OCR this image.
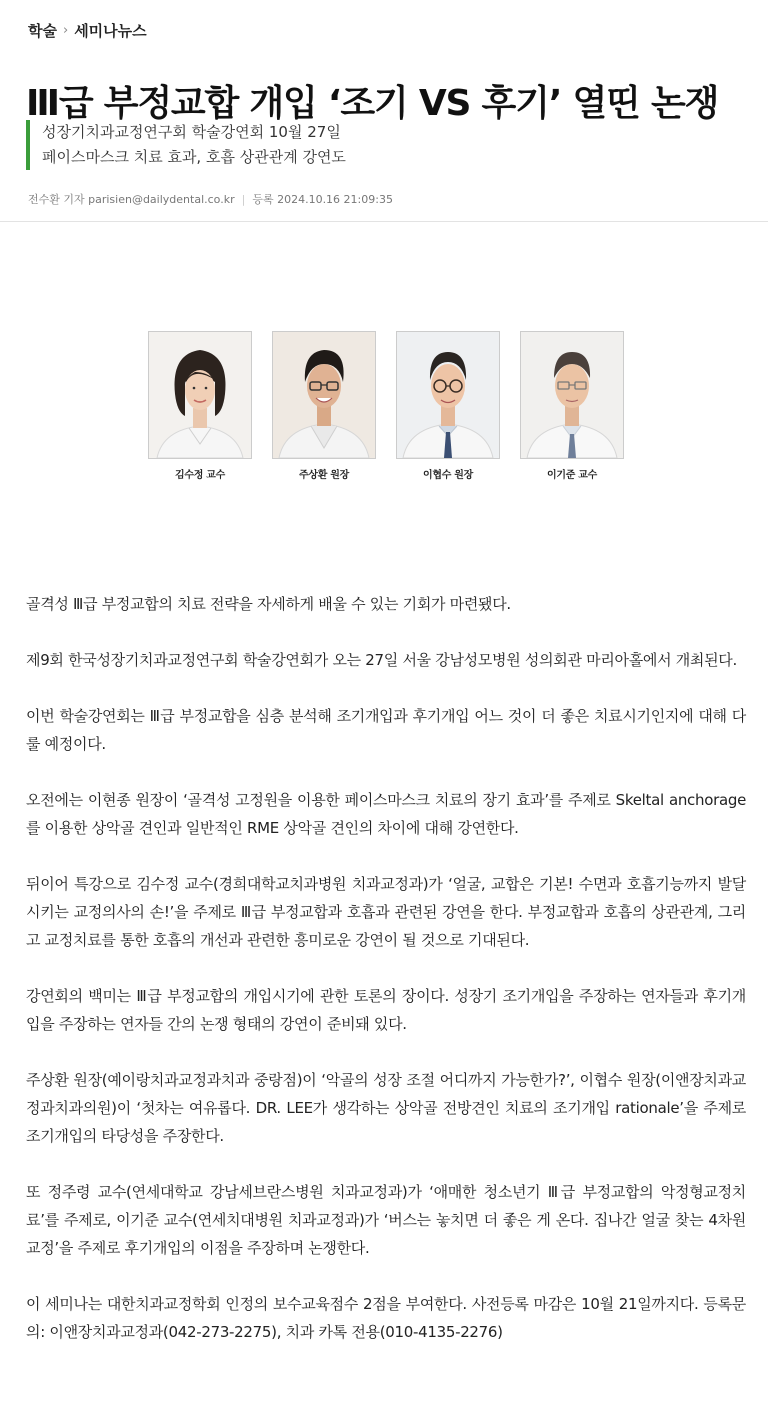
학술 › 세미나뉴스
Ⅲ급 부정교합 개입 ‘조기 VS 후기’ 열띤 논쟁
성장기치과교정연구회 학술강연회 10월 27일
페이스마스크 치료 효과, 호흡 상관관계 강연도
전수환 기자 parisien@dailydental.co.kr | 등록 2024.10.16 21:09:35
김수정 교수	주상환 원장	이협수 원장	이기준 교수

골격성 Ⅲ급 부정교합의 치료 전략을 자세하게 배울 수 있는 기회가 마련됐다.

제9회 한국성장기치과교정연구회 학술강연회가 오는 27일 서울 강남성모병원 성의회관 마리아홀에서 개최된다.

이번 학술강연회는 Ⅲ급 부정교합을 심층 분석해 조기개입과 후기개입 어느 것이 더 좋은 치료시기인지에 대해 다룰 예정이다.

오전에는 이현종 원장이 ‘골격성 고정원을 이용한 페이스마스크 치료의 장기 효과’를 주제로 Skeltal anchorage를 이용한 상악골 견인과 일반적인 RME 상악골 견인의 차이에 대해 강연한다.

뒤이어 특강으로 김수정 교수(경희대학교치과병원 치과교정과)가 ‘얼굴, 교합은 기본! 수면과 호흡기능까지 발달시키는 교정의사의 손!’을 주제로 Ⅲ급 부정교합과 호흡과 관련된 강연을 한다. 부정교합과 호흡의 상관관계, 그리고 교정치료를 통한 호흡의 개선과 관련한 흥미로운 강연이 될 것으로 기대된다.

강연회의 백미는 Ⅲ급 부정교합의 개입시기에 관한 토론의 장이다. 성장기 조기개입을 주장하는 연자들과 후기개입을 주장하는 연자들 간의 논쟁 형태의 강연이 준비돼 있다.

주상환 원장(예이랑치과교정과치과 중랑점)이 ‘악골의 성장 조절 어디까지 가능한가?’, 이협수 원장(이앤장치과교정과치과의원)이 ‘첫차는 여유롭다. DR. LEE가 생각하는 상악골 전방견인 치료의 조기개입 rationale’을 주제로 조기개입의 타당성을 주장한다.

또 정주령 교수(연세대학교 강남세브란스병원 치과교정과)가 ‘애매한 청소년기 Ⅲ급 부정교합의 악정형교정치료’를 주제로, 이기준 교수(연세치대병원 치과교정과)가 ‘버스는 놓치면 더 좋은 게 온다. 집나간 얼굴 찾는 4차원 교정’을 주제로 후기개입의 이점을 주장하며 논쟁한다.

이 세미나는 대한치과교정학회 인정의 보수교육점수 2점을 부여한다. 사전등록 마감은 10월 21일까지다. 등록문의: 이앤장치과교정과(042-273-2275), 치과 카톡 전용(010-4135-2276)
